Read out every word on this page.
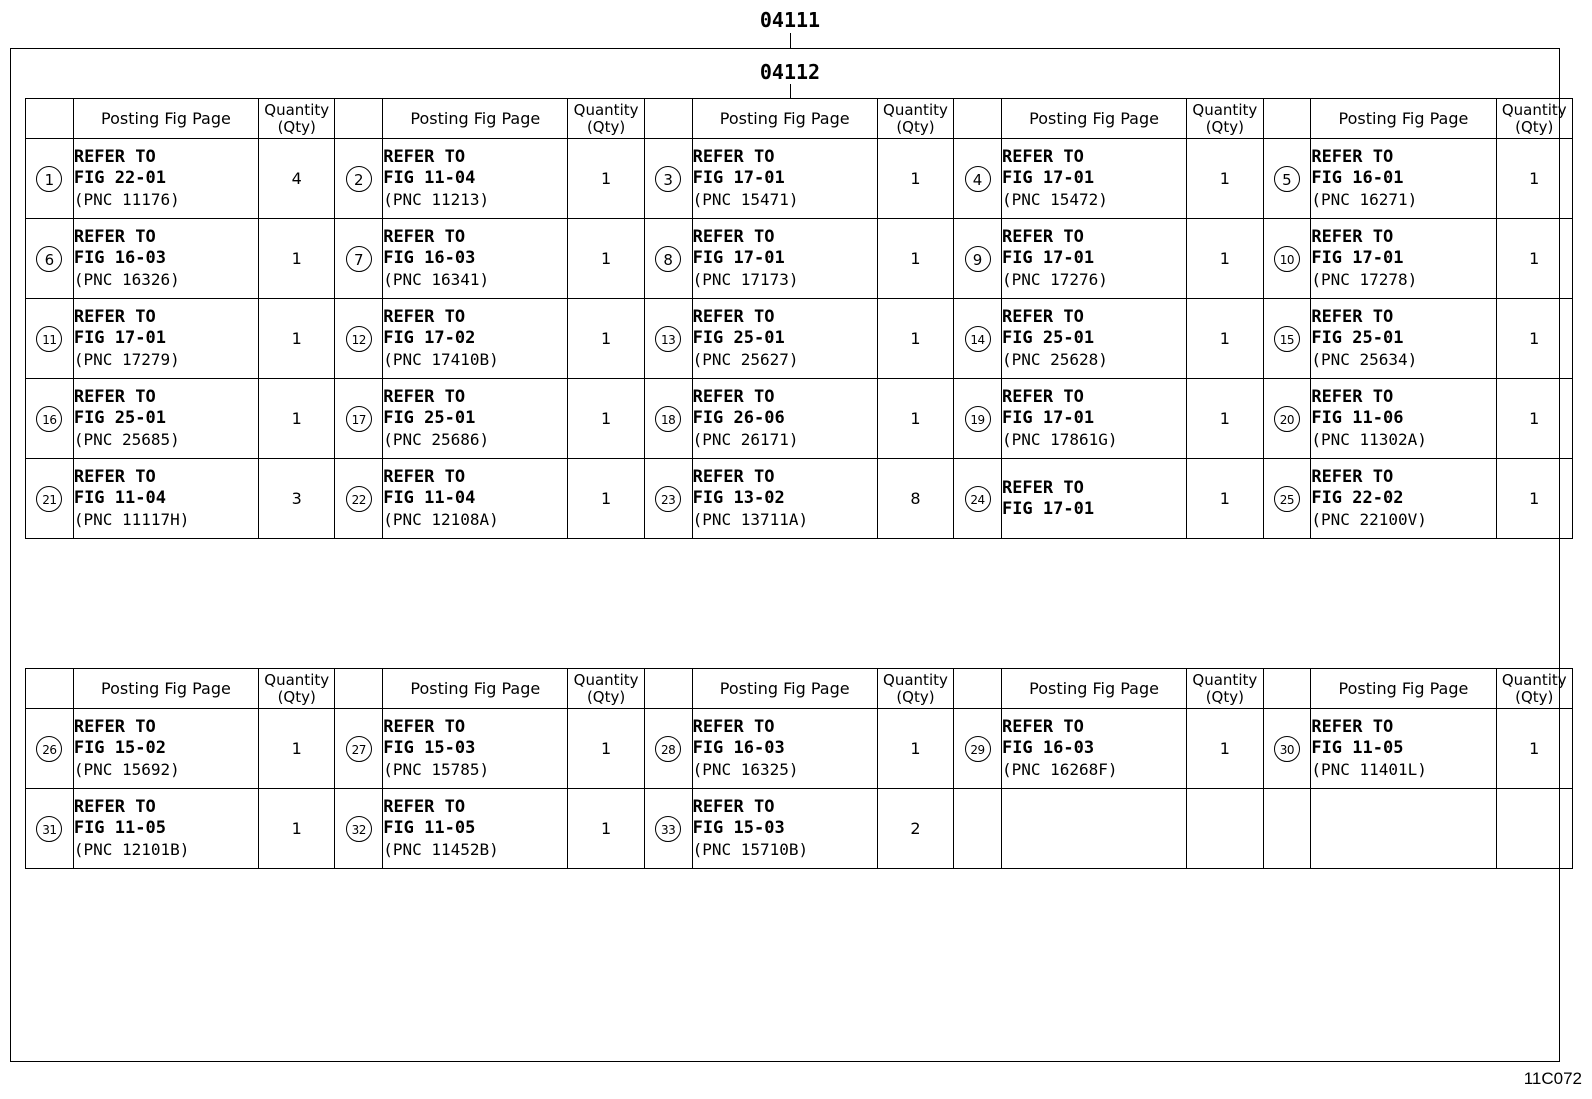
04111
04112
	Posting Fig Page	Quantity
(Qty)		Posting Fig Page	Quantity
(Qty)		Posting Fig Page	Quantity
(Qty)		Posting Fig Page	Quantity
(Qty)		Posting Fig Page	Quantity
(Qty)
1	REFER TO
FIG 22-01
(PNC 11176)	4	2	REFER TO
FIG 11-04
(PNC 11213)	1	3	REFER TO
FIG 17-01
(PNC 15471)	1	4	REFER TO
FIG 17-01
(PNC 15472)	1	5	REFER TO
FIG 16-01
(PNC 16271)	1
6	REFER TO
FIG 16-03
(PNC 16326)	1	7	REFER TO
FIG 16-03
(PNC 16341)	1	8	REFER TO
FIG 17-01
(PNC 17173)	1	9	REFER TO
FIG 17-01
(PNC 17276)	1	10	REFER TO
FIG 17-01
(PNC 17278)	1
11	REFER TO
FIG 17-01
(PNC 17279)	1	12	REFER TO
FIG 17-02
(PNC 17410B)	1	13	REFER TO
FIG 25-01
(PNC 25627)	1	14	REFER TO
FIG 25-01
(PNC 25628)	1	15	REFER TO
FIG 25-01
(PNC 25634)	1
16	REFER TO
FIG 25-01
(PNC 25685)	1	17	REFER TO
FIG 25-01
(PNC 25686)	1	18	REFER TO
FIG 26-06
(PNC 26171)	1	19	REFER TO
FIG 17-01
(PNC 17861G)	1	20	REFER TO
FIG 11-06
(PNC 11302A)	1
21	REFER TO
FIG 11-04
(PNC 11117H)	3	22	REFER TO
FIG 11-04
(PNC 12108A)	1	23	REFER TO
FIG 13-02
(PNC 13711A)	8	24	REFER TO
FIG 17-01	1	25	REFER TO
FIG 22-02
(PNC 22100V)	1
	Posting Fig Page	Quantity
(Qty)		Posting Fig Page	Quantity
(Qty)		Posting Fig Page	Quantity
(Qty)		Posting Fig Page	Quantity
(Qty)		Posting Fig Page	Quantity
(Qty)
26	REFER TO
FIG 15-02
(PNC 15692)	1	27	REFER TO
FIG 15-03
(PNC 15785)	1	28	REFER TO
FIG 16-03
(PNC 16325)	1	29	REFER TO
FIG 16-03
(PNC 16268F)	1	30	REFER TO
FIG 11-05
(PNC 11401L)	1
31	REFER TO
FIG 11-05
(PNC 12101B)	1	32	REFER TO
FIG 11-05
(PNC 11452B)	1	33	REFER TO
FIG 15-03
(PNC 15710B)	2						
11C072
